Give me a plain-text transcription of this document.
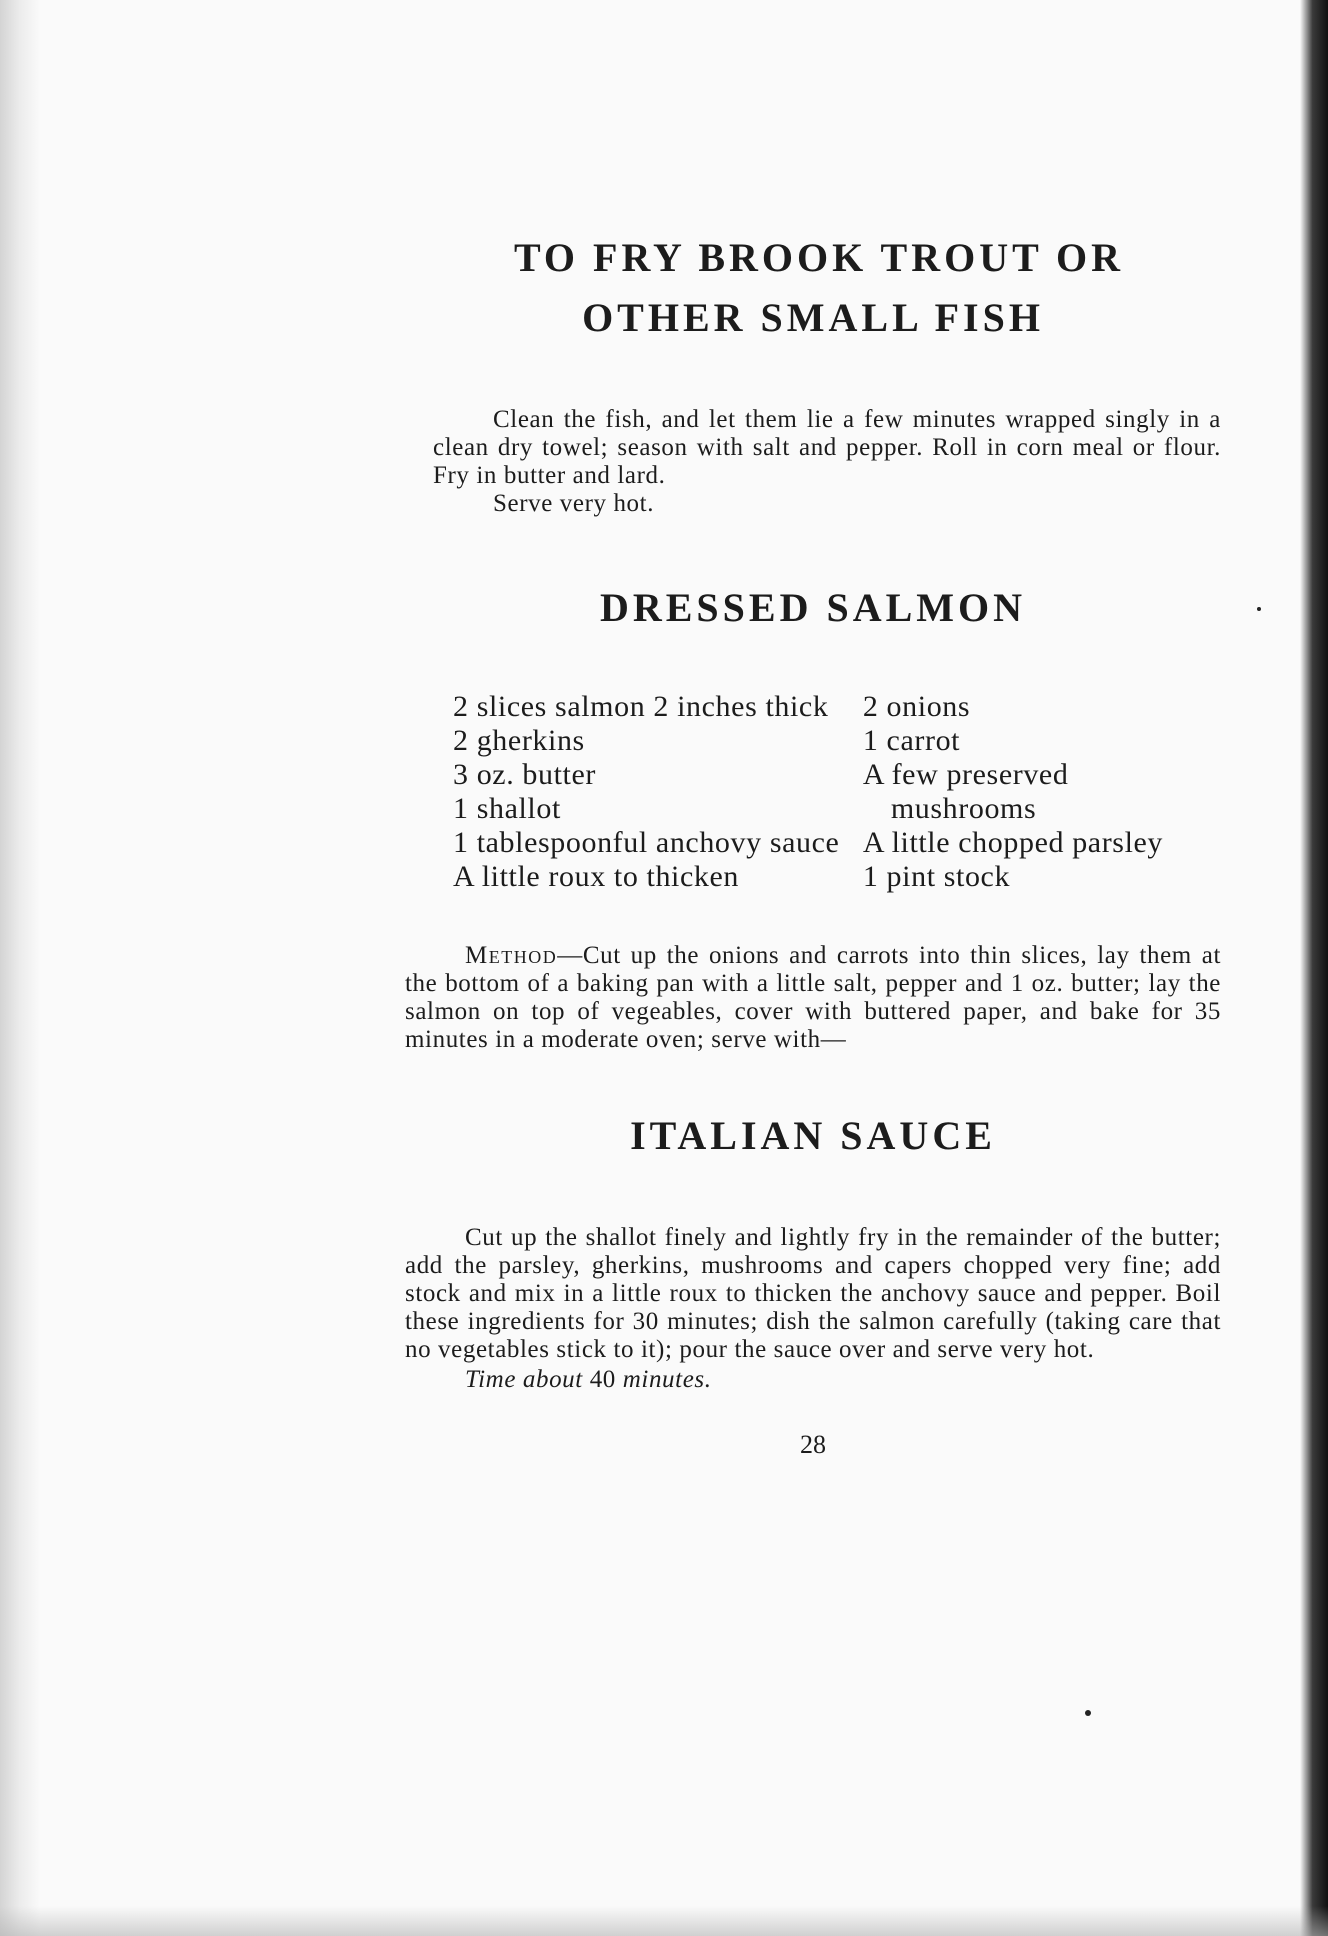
TO FRY BROOK TROUT OR
OTHER SMALL FISH

Clean the fish, and let them lie a few minutes wrapped singly in a clean dry towel; season with salt and pepper. Roll in corn meal or flour. Fry in butter and lard.

Serve very hot.

DRESSED SALMON
2 slices salmon 2 inches thick
2 gherkins
3 oz. butter
1 shallot
1 tablespoonful anchovy sauce
A little roux to thicken
2 onions
1 carrot
A few preserved mushrooms
A little chopped parsley
1 pint stock

Method—Cut up the onions and carrots into thin slices, lay them at the bottom of a baking pan with a little salt, pepper and 1 oz. butter; lay the salmon on top of vegeables, cover with buttered paper, and bake for 35 minutes in a moderate oven; serve with—

ITALIAN SAUCE

Cut up the shallot finely and lightly fry in the remainder of the butter; add the parsley, gherkins, mushrooms and capers chopped very fine; add stock and mix in a little roux to thicken the anchovy sauce and pepper. Boil these ingredients for 30 minutes; dish the salmon carefully (taking care that no vegetables stick to it); pour the sauce over and serve very hot.

Time about 40 minutes.

28
